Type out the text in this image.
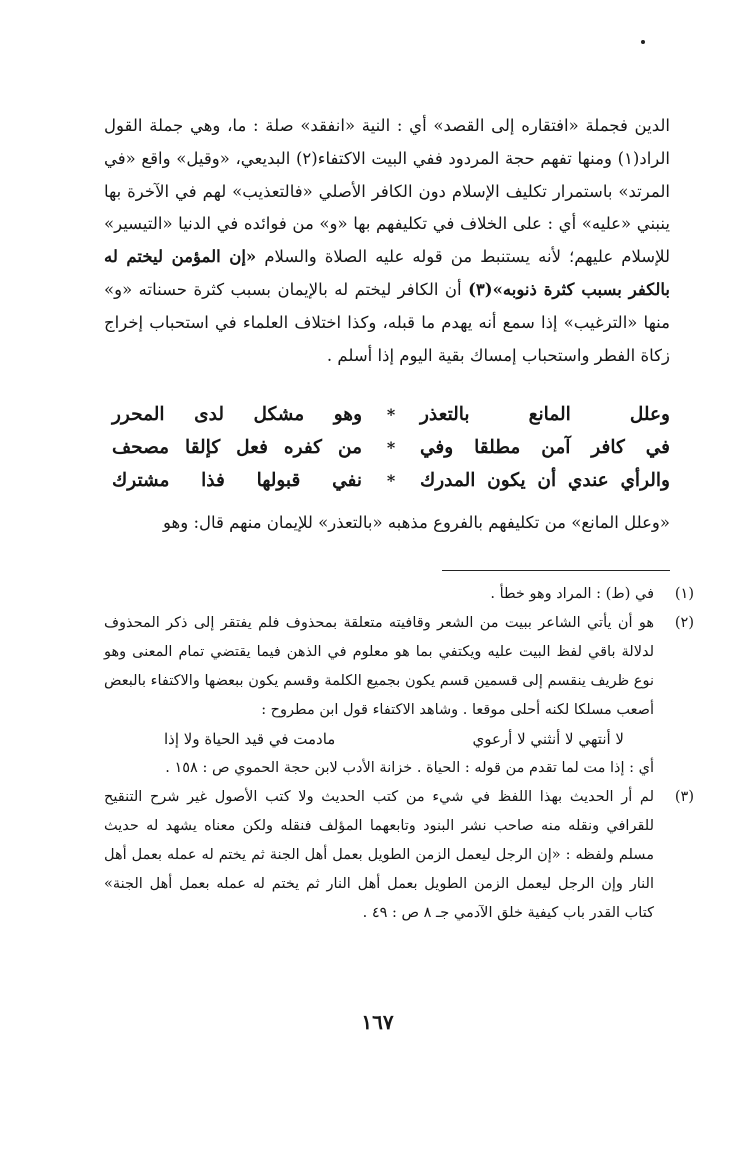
الدين فجملة «افتقاره إلى القصد» أي : النية «انفقد» صلة : ما، وهي جملة القول الراد(١) ومنها تفهم حجة المردود ففي البيت الاكتفاء(٢) البديعي، «وقيل» واقع «في المرتد» باستمرار تكليف الإسلام دون الكافر الأصلي «فالتعذيب» لهم في الآخرة بها ينبني «عليه» أي : على الخلاف في تكليفهم بها «و» من فوائده في الدنيا «التيسير» للإسلام عليهم؛ لأنه يستنبط من قوله عليه الصلاة والسلام «إن المؤمن ليختم له بالكفر بسبب كثرة ذنوبه»(٣) أن الكافر ليختم له بالإيمان بسبب كثرة حسناته «و» منها «الترغيب» إذا سمع أنه يهدم ما قبله، وكذا اختلاف العلماء في استحباب إخراج زكاة الفطر واستحباب إمساك بقية اليوم إذا أسلم .

وعلل المانع بالتعذر
*
وهو مشكل لدى المحرر
في كافر آمن مطلقا وفي
*
من كفره فعل كإلقا مصحف
والرأي عندي أن يكون المدرك
*
نفي قبولها فذا مشترك
«وعلل المانع» من تكليفهم بالفروع مذهبه «بالتعذر» للإيمان منهم قال: وهو
(١)

في (ط) : المراد وهو خطأ .

(٢)

هو أن يأتي الشاعر ببيت من الشعر وقافيته متعلقة بمحذوف فلم يفتقر إلى ذكر المحذوف لدلالة باقي لفظ البيت عليه ويكتفي بما هو معلوم في الذهن فيما يقتضي تمام المعنى وهو نوع ظريف ينقسم إلى قسمين قسم يكون بجميع الكلمة وقسم يكون ببعضها والاكتفاء بالبعض أصعب مسلكا لكنه أحلى موقعا . وشاهد الاكتفاء قول ابن مطروح :

لا أنتهي لا أنثني لا أرعوي
مادمت في قيد الحياة ولا إذا

أي : إذا مت لما تقدم من قوله : الحياة . خزانة الأدب لابن حجة الحموي ص : ١٥٨ .

(٣)

لم أر الحديث بهذا اللفظ في شيء من كتب الحديث ولا كتب الأصول غير شرح التنقيح للقرافي ونقله منه صاحب نشر البنود وتابعهما المؤلف فنقله ولكن معناه يشهد له حديث مسلم ولفظه : «إن الرجل ليعمل الزمن الطويل بعمل أهل الجنة ثم يختم له عمله بعمل أهل النار وإن الرجل ليعمل الزمن الطويل بعمل أهل النار ثم يختم له عمله بعمل أهل الجنة» كتاب القدر باب كيفية خلق الآدمي جـ ٨ ص : ٤٩ .

١٦٧
